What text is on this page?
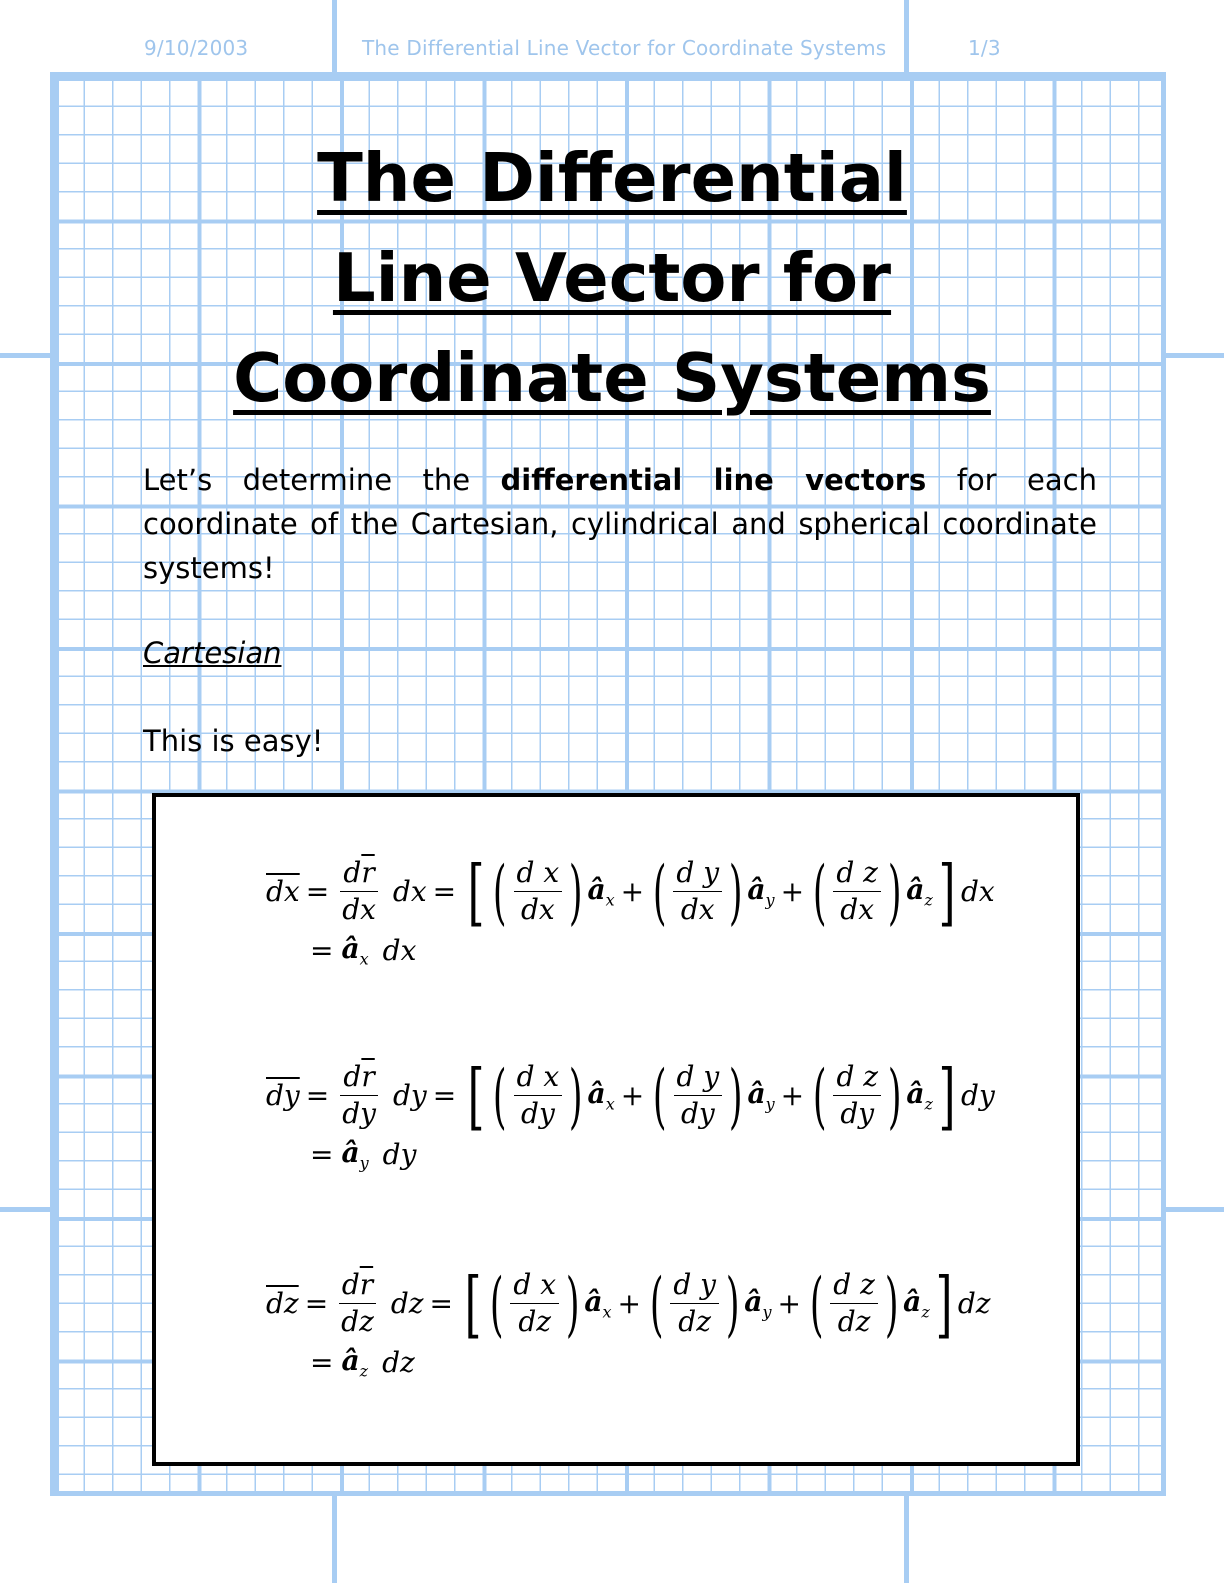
9/10/2003	The Differential Line Vector for Coordinate Systems	1/3
The Differential
Line Vector for
Coordinate Systems
Let’s determine the differential line vectors for each coordinate of the Cartesian, cylindrical and spherical coordinate systems!
Cartesian
This is easy!
$\overline{dx} = \frac{d\overline{r}}{dx}$ dx = [ ( $\frac{\text{d x}}{dx}$ ) $â_x$ + ( $\frac{\text{d y}}{dx}$ ) $â_y$ + ( $\frac{\text{d z}}{dx}$ ) $â_z$ ] dx
= $â_x$ dx
$\overline{dy} = \frac{d\overline{r}}{dy}$ dy = [ ( $\frac{\text{d x}}{dy}$ ) $â_x$ + ( $\frac{\text{d y}}{dy}$ ) $â_y$ + ( $\frac{\text{d z}}{dy}$ ) $â_z$ ] dy
= $â_y$ dy
$\overline{dz} = \frac{d\overline{r}}{dz}$ dz = [ ( $\frac{\text{d x}}{dz}$ ) $â_x$ + ( $\frac{\text{d y}}{dz}$ ) $â_y$ + ( $\frac{\text{d z}}{dz}$ ) $â_z$ ] dz
= $â_z$ dz
